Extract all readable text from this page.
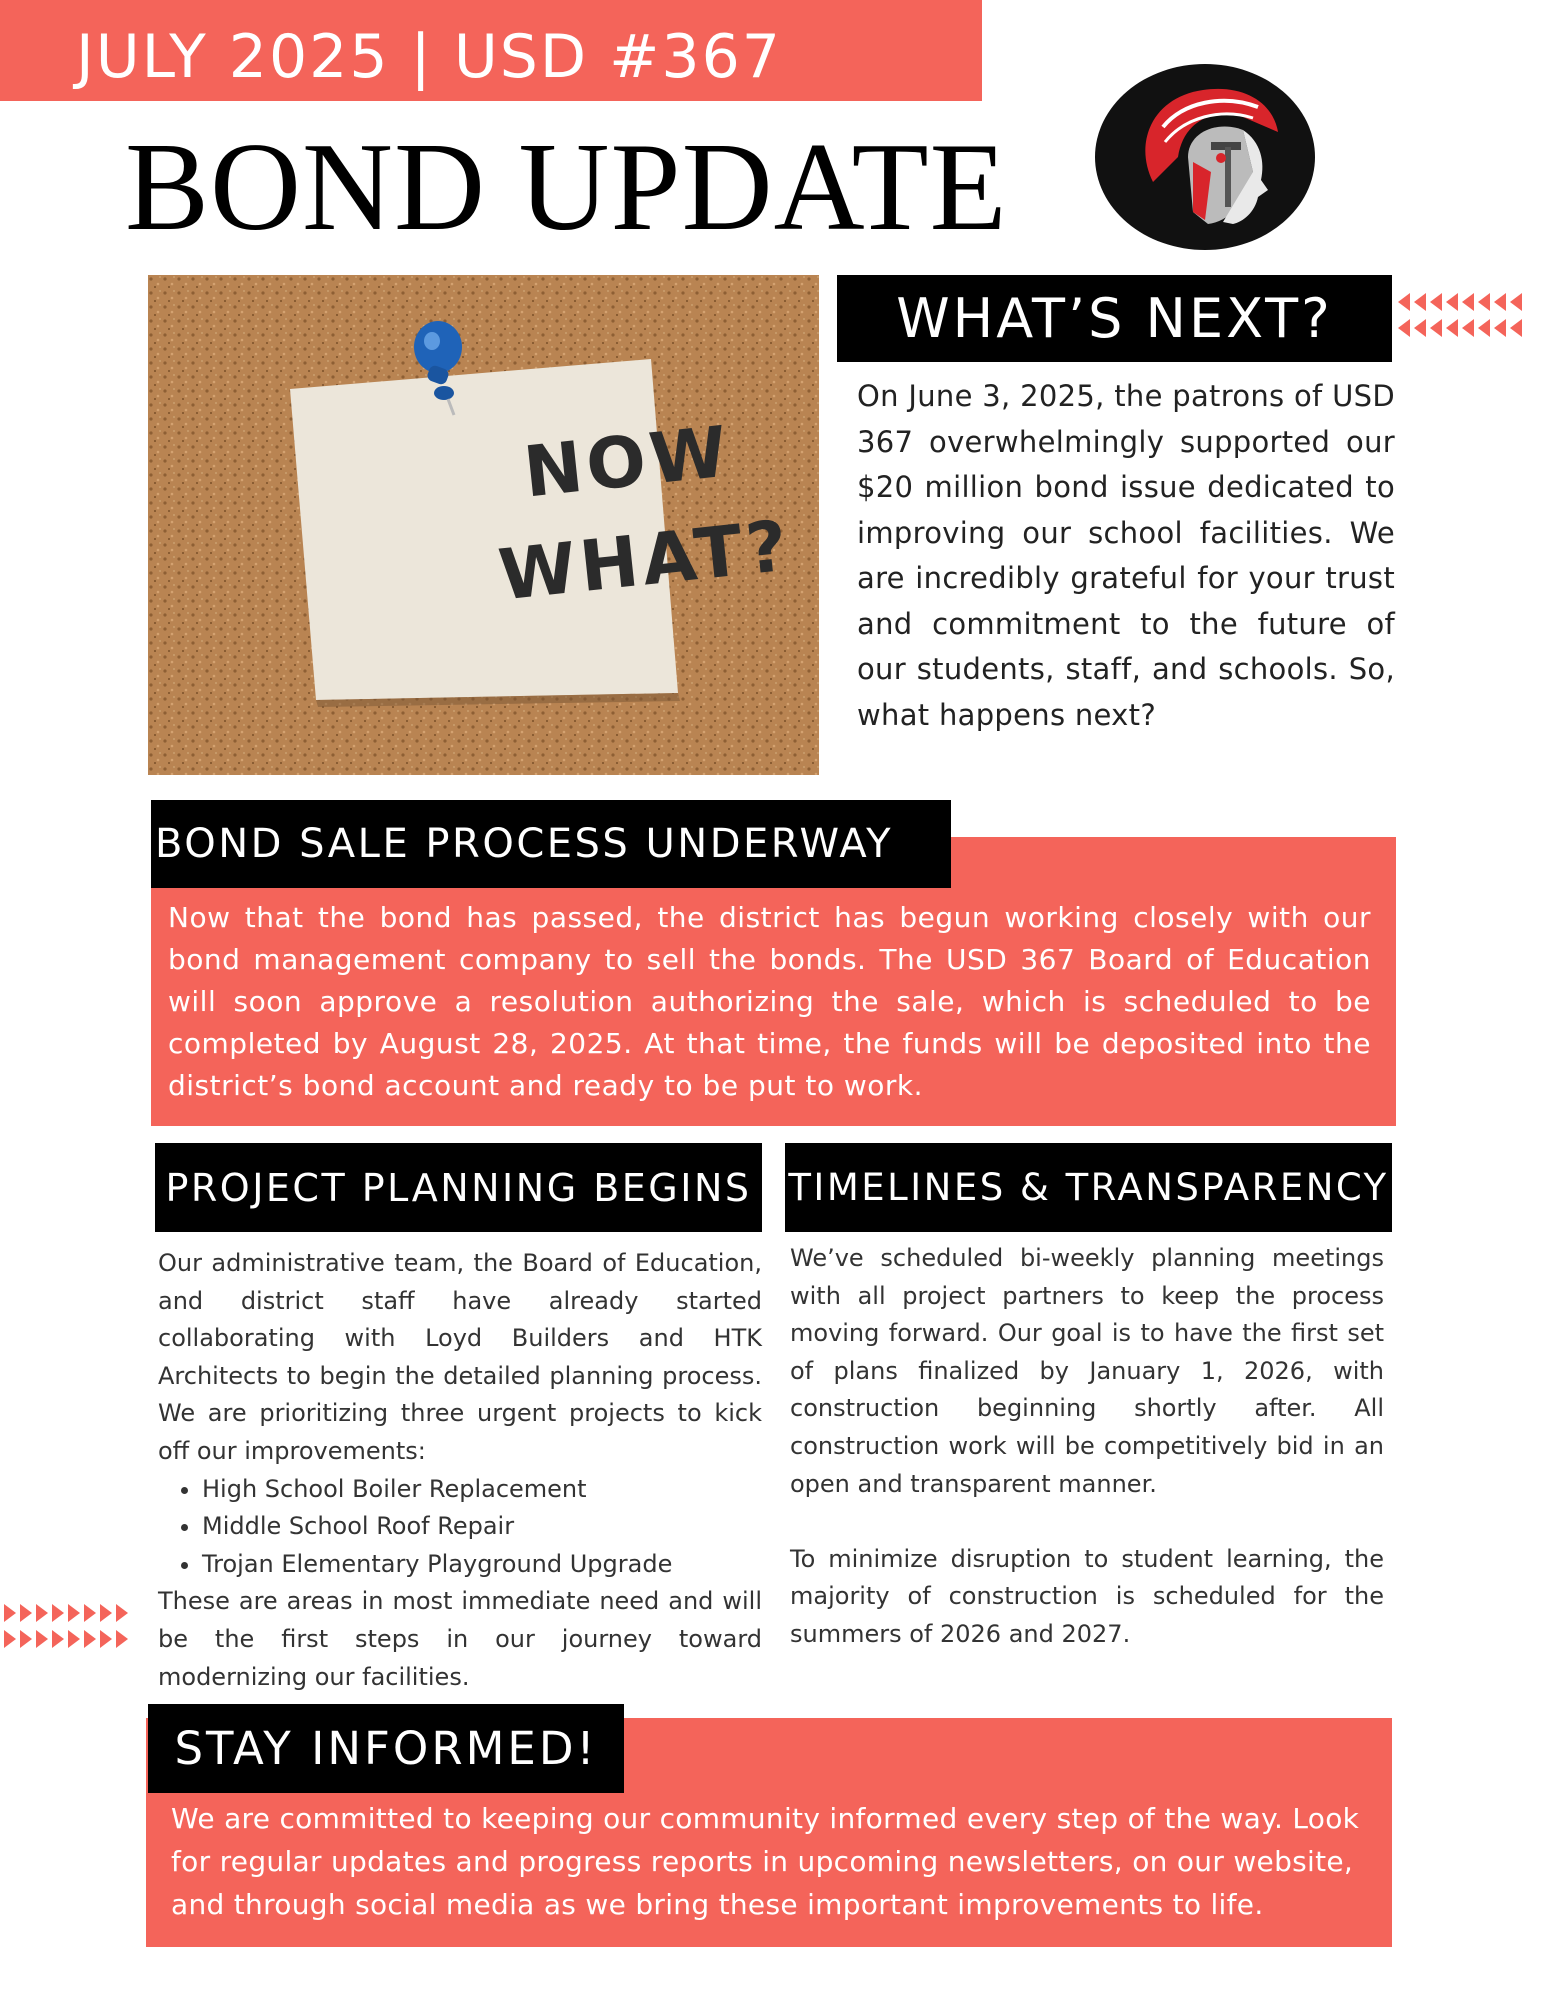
JULY 2025 | USD #367
BOND UPDATE
NOW
WHAT?
WHAT’S NEXT?
On June 3, 2025, the patrons of USD 367 overwhelmingly supported our $20 million bond issue dedicated to improving our school facilities. We are incredibly grateful for your trust and commitment to the future of our students, staff, and schools. So, what happens next?
BOND SALE PROCESS UNDERWAY
Now that the bond has passed, the district has begun working closely with our bond management company to sell the bonds. The USD 367 Board of Education will soon approve a resolution authorizing the sale, which is scheduled to be completed by August 28, 2025. At that time, the funds will be deposited into the district’s bond account and ready to be put to work.
PROJECT PLANNING BEGINS

Our administrative team, the Board of Education, and district staff have already started collaborating with Loyd Builders and HTK Architects to begin the detailed planning process. We are prioritizing three urgent projects to kick off our improvements:

• High School Boiler Replacement
• Middle School Roof Repair
• Trojan Elementary Playground Upgrade

These are areas in most immediate need and will be the first steps in our journey toward modernizing our facilities.

TIMELINES & TRANSPARENCY

We’ve scheduled bi-weekly planning meetings with all project partners to keep the process moving forward. Our goal is to have the first set of plans finalized by January 1, 2026, with construction beginning shortly after. All construction work will be competitively bid in an open and transparent manner.

To minimize disruption to student learning, the majority of construction is scheduled for the summers of 2026 and 2027.

STAY INFORMED!
We are committed to keeping our community informed every step of the way. Look for regular updates and progress reports in upcoming newsletters, on our website, and through social media as we bring these important improvements to life.
